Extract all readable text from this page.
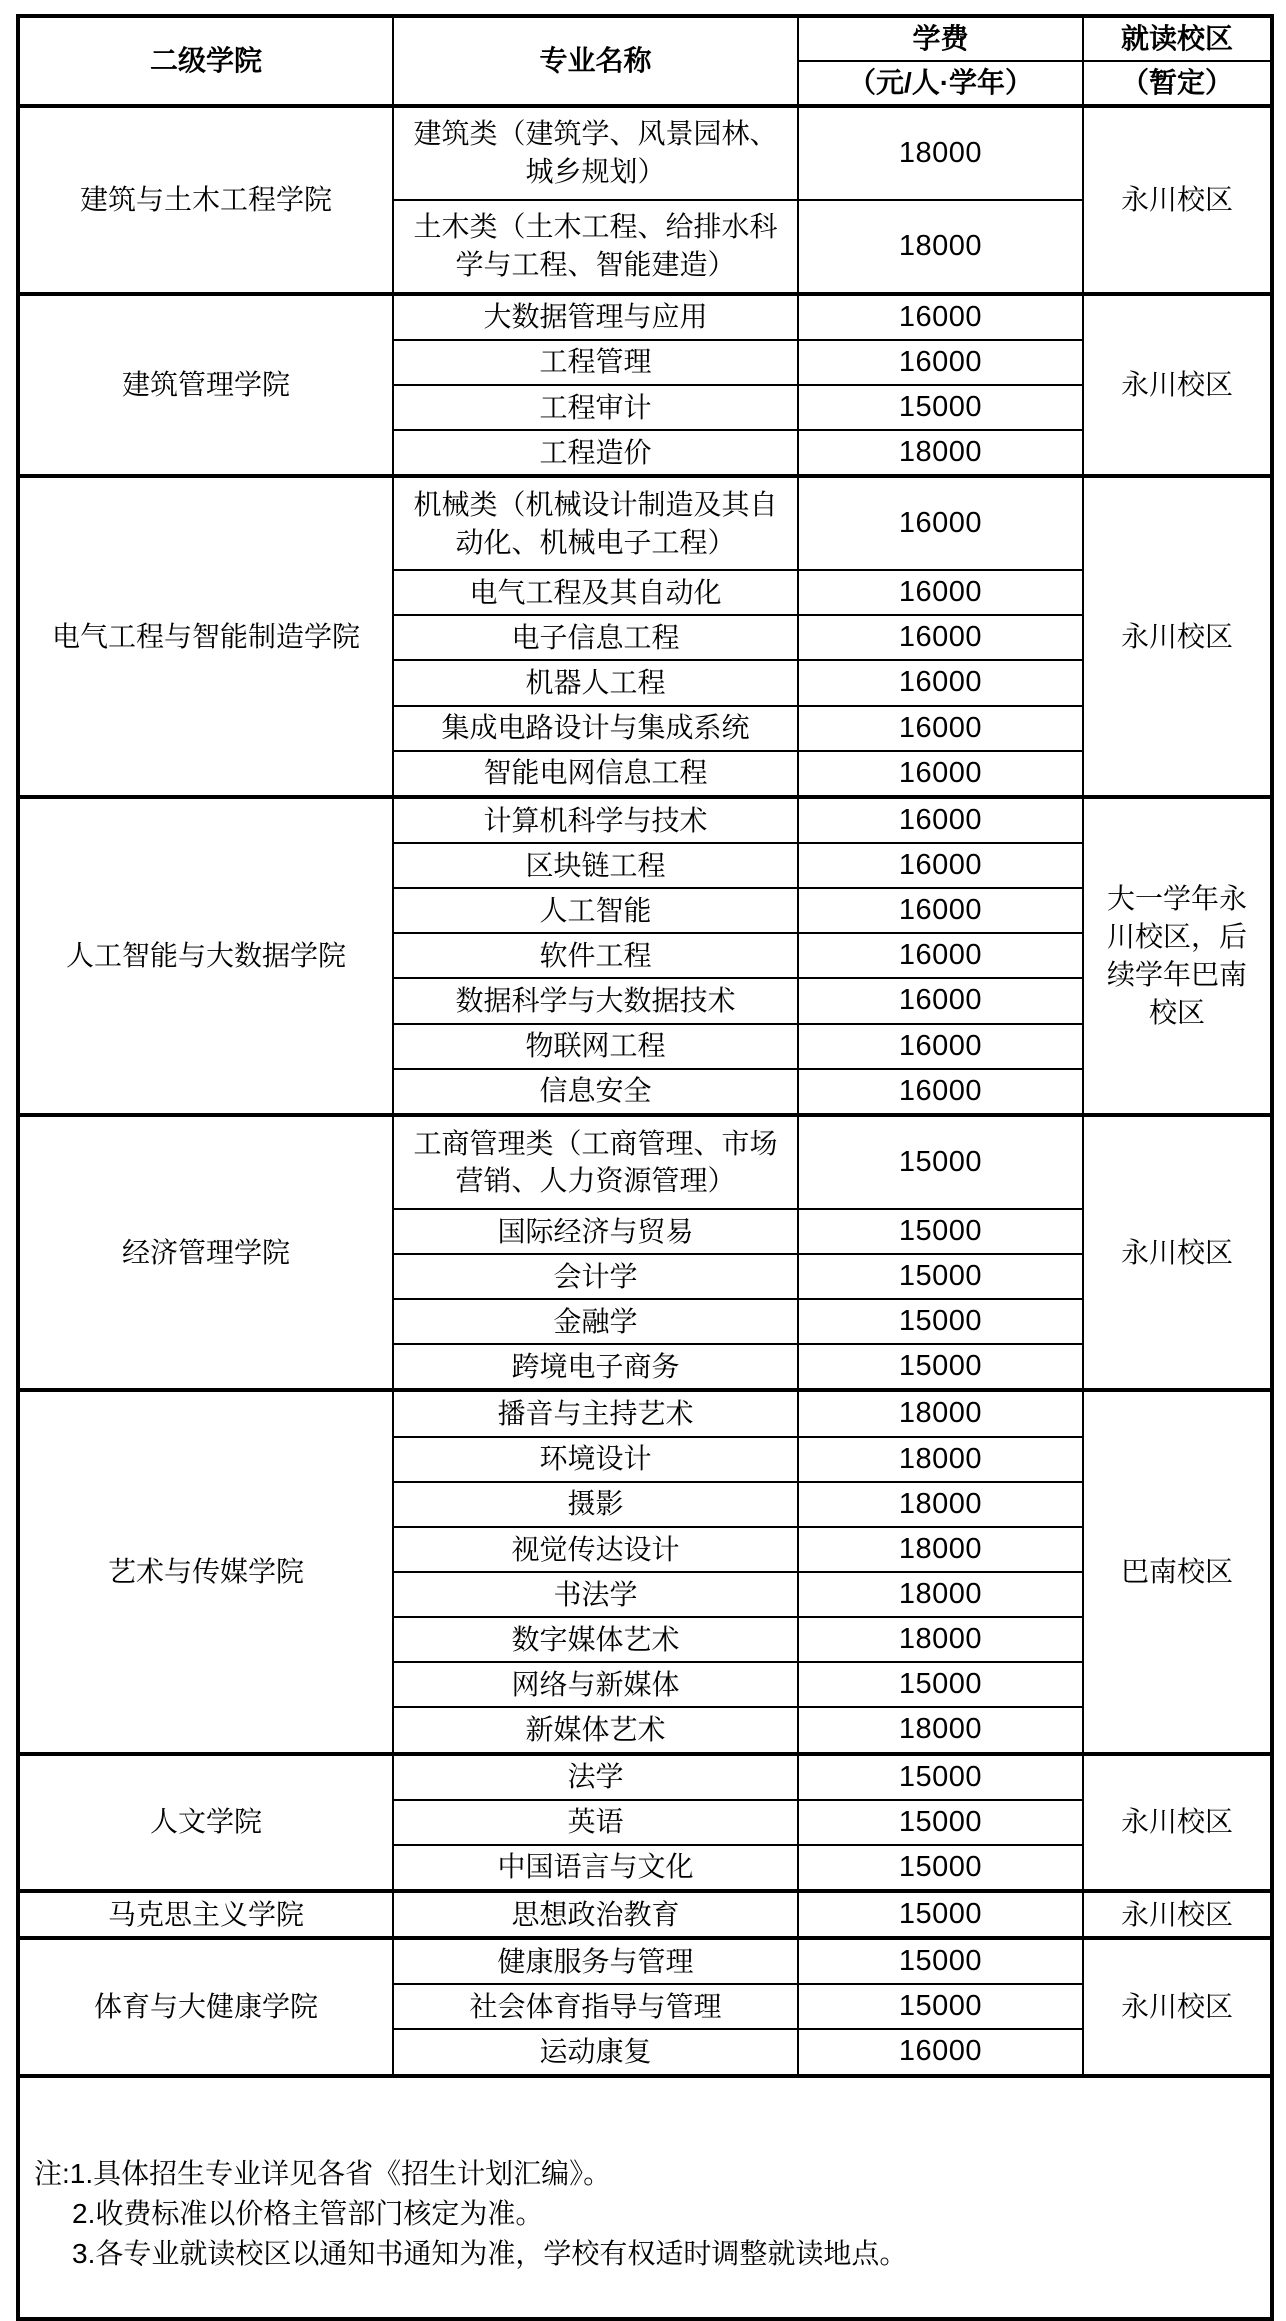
二级学院	专业名称	学费	就读校区
		（元/人·学年）	（暂定）
建筑与土木工程学院	建筑类（建筑学、风景园林、城乡规划）	18000	永川校区
	土木类（土木工程、给排水科学与工程、智能建造）	18000	
建筑管理学院	大数据管理与应用	16000	永川校区
	工程管理	16000	
	工程审计	15000	
	工程造价	18000	
电气工程与智能制造学院	机械类（机械设计制造及其自动化、机械电子工程）	16000	永川校区
	电气工程及其自动化	16000	
	电子信息工程	16000	
	机器人工程	16000	
	集成电路设计与集成系统	16000	
	智能电网信息工程	16000	
人工智能与大数据学院	计算机科学与技术	16000	大一学年永川校区，后续学年巴南校区
	区块链工程	16000	
	人工智能	16000	
	软件工程	16000	
	数据科学与大数据技术	16000	
	物联网工程	16000	
	信息安全	16000	
经济管理学院	工商管理类（工商管理、市场营销、人力资源管理）	15000	永川校区
	国际经济与贸易	15000	
	会计学	15000	
	金融学	15000	
	跨境电子商务	15000	
艺术与传媒学院	播音与主持艺术	18000	巴南校区
	环境设计	18000	
	摄影	18000	
	视觉传达设计	18000	
	书法学	18000	
	数字媒体艺术	18000	
	网络与新媒体	15000	
	新媒体艺术	18000	
人文学院	法学	15000	永川校区
	英语	15000	
	中国语言与文化	15000	
马克思主义学院	思想政治教育	15000	永川校区
体育与大健康学院	健康服务与管理	15000	永川校区
	社会体育指导与管理	15000	
	运动康复	16000	

注:1.具体招生专业详见各省《招生计划汇编》。
2.收费标准以价格主管部门核定为准。
3.各专业就读校区以通知书通知为准，学校有权适时调整就读地点。			
